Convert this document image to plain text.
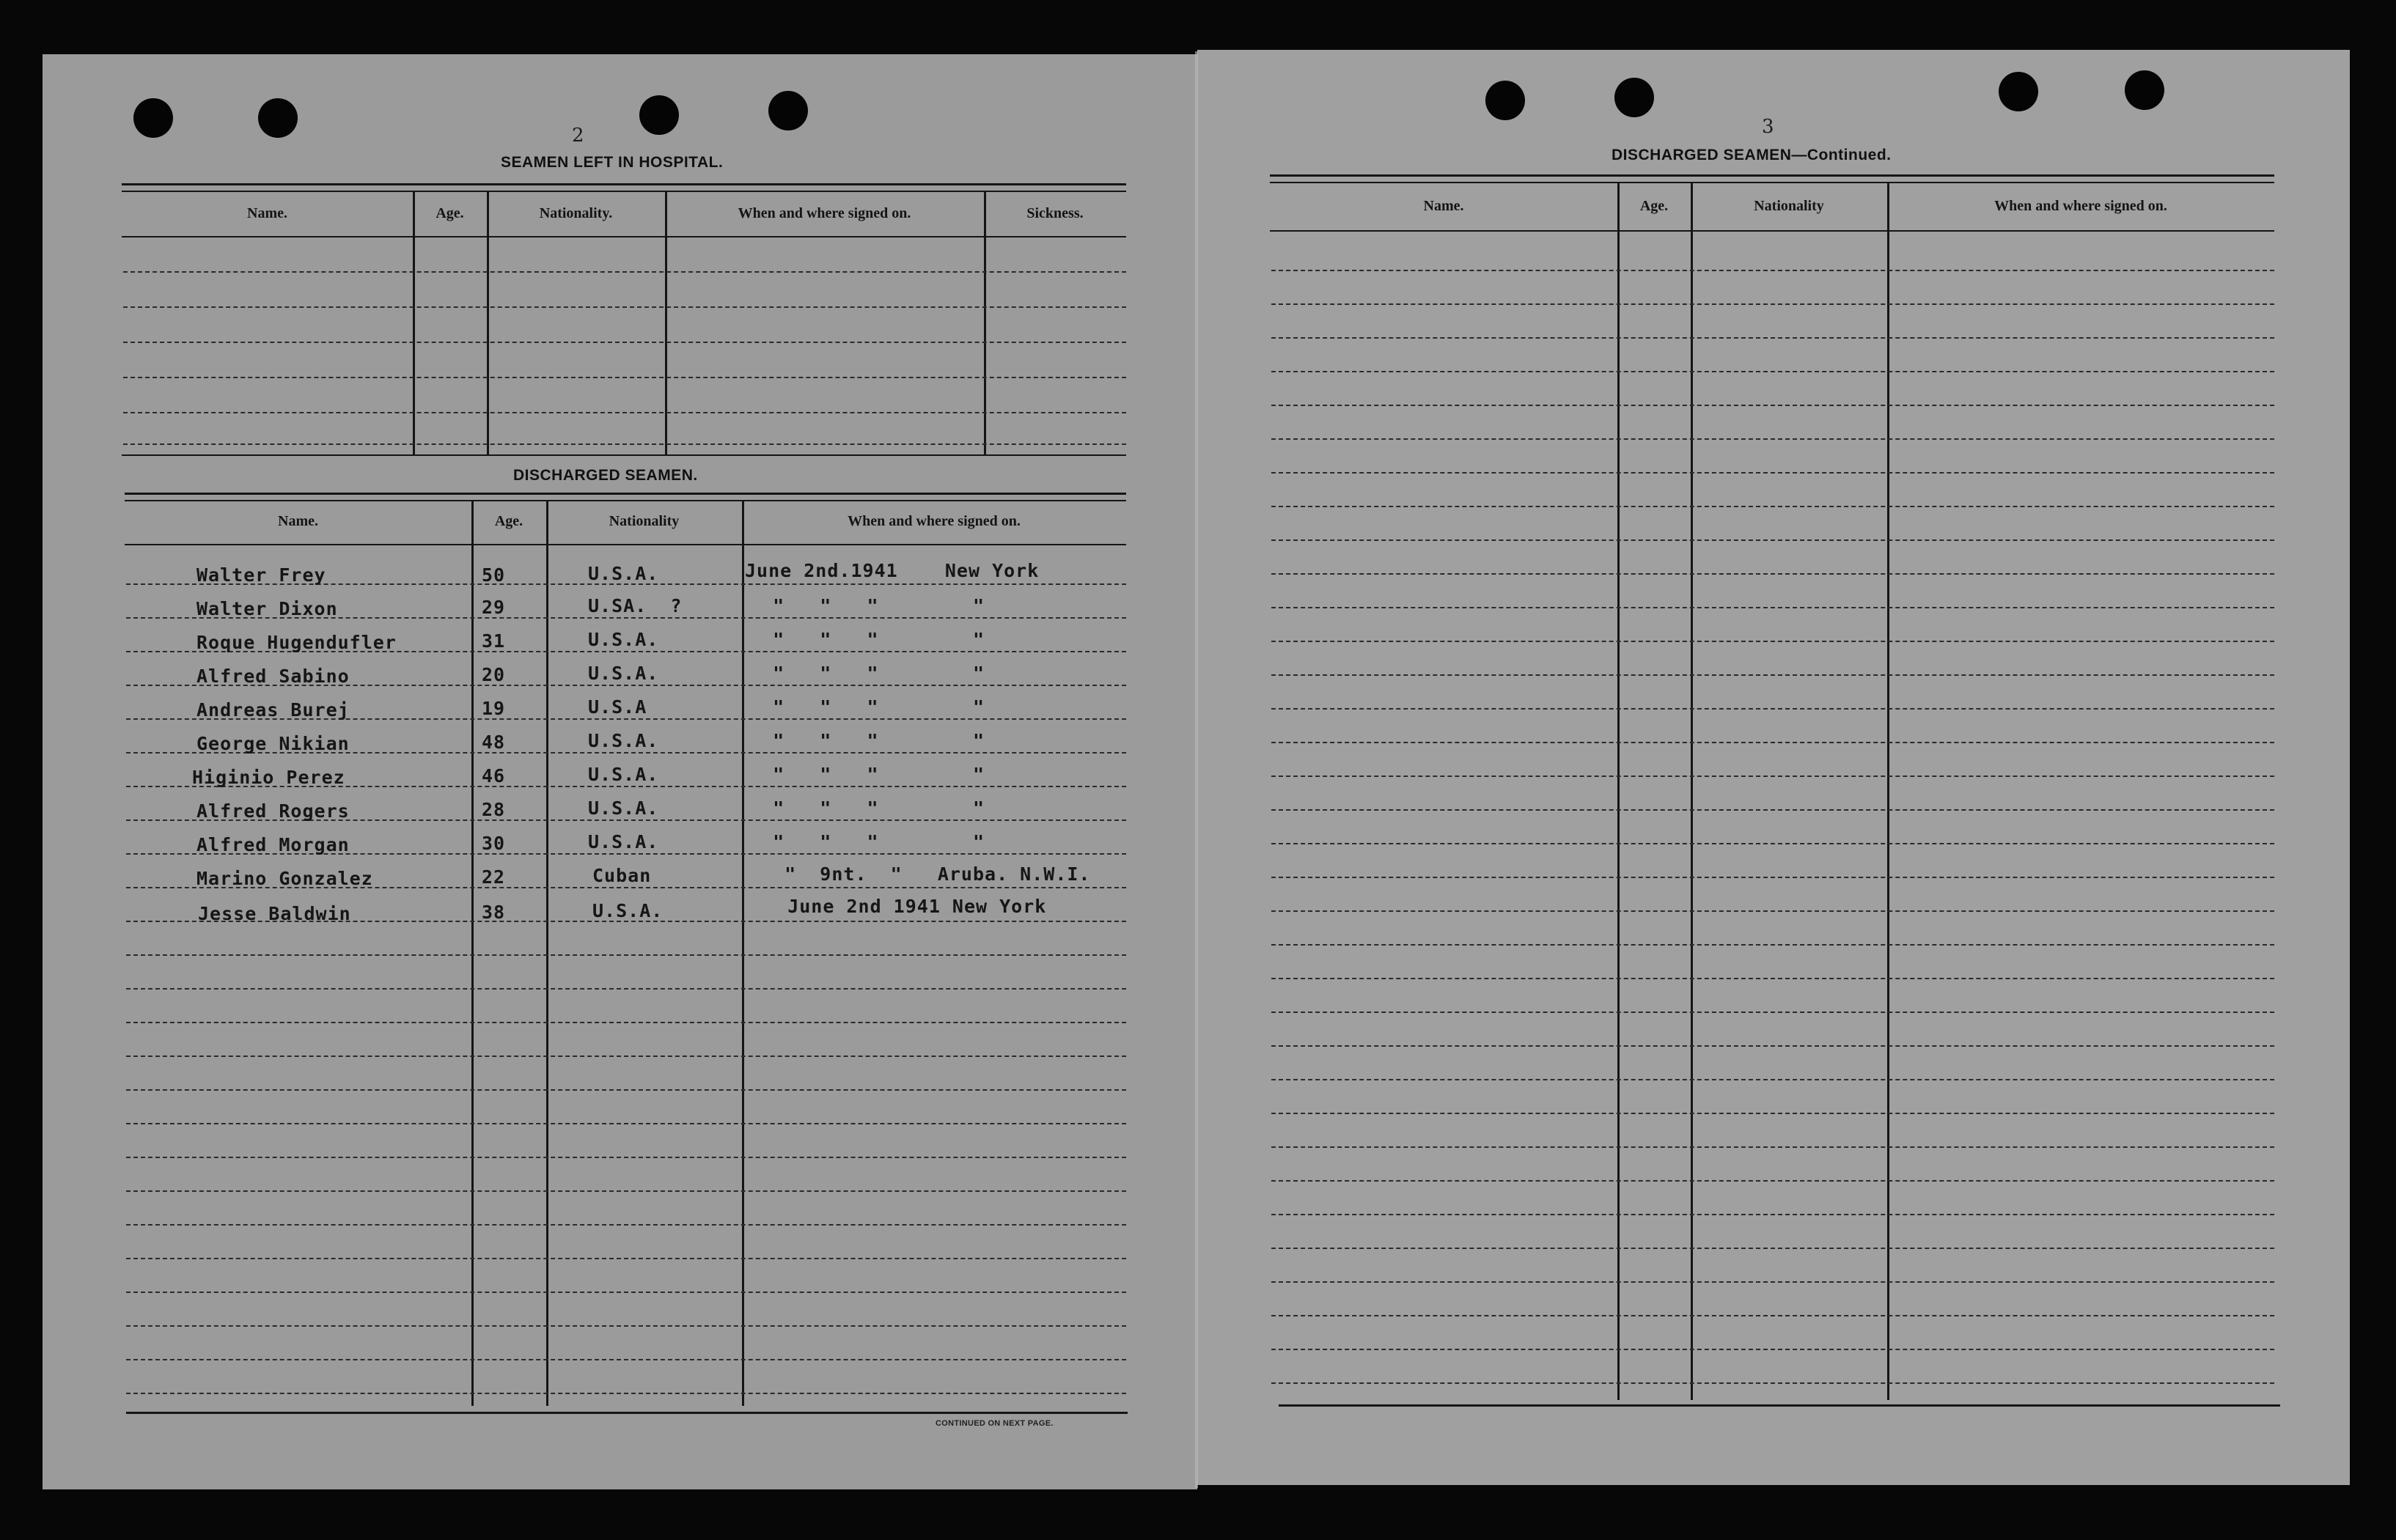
2
SEAMEN LEFT IN HOSPITAL.
Name.	Age.	Nationality.	When and where signed on.	Sickness.
DISCHARGED SEAMEN.
Name.	Age.	Nationality	When and where signed on.
Walter Frey	50	U.S.A.	June 2nd.1941    New York
Walter Dixon	29	U.SA.  ?	"   "   "        "
Roque Hugendufler	31	U.S.A.	"   "   "        "
Alfred Sabino	20	U.S.A.	"   "   "        "
Andreas Burej	19	U.S.A	"   "   "        "
George Nikian	48	U.S.A.	"   "   "        "
Higinio Perez	46	U.S.A.	"   "   "        "
Alfred Rogers	28	U.S.A.	"   "   "        "
Alfred Morgan	30	U.S.A.	"   "   "        "
Marino Gonzalez	22	Cuban	"  9nt.  "   Aruba. N.W.I.
Jesse Baldwin	38	U.S.A.	June 2nd 1941 New York
CONTINUED ON NEXT PAGE.
3
DISCHARGED SEAMEN—Continued.
Name.	Age.	Nationality	When and where signed on.
